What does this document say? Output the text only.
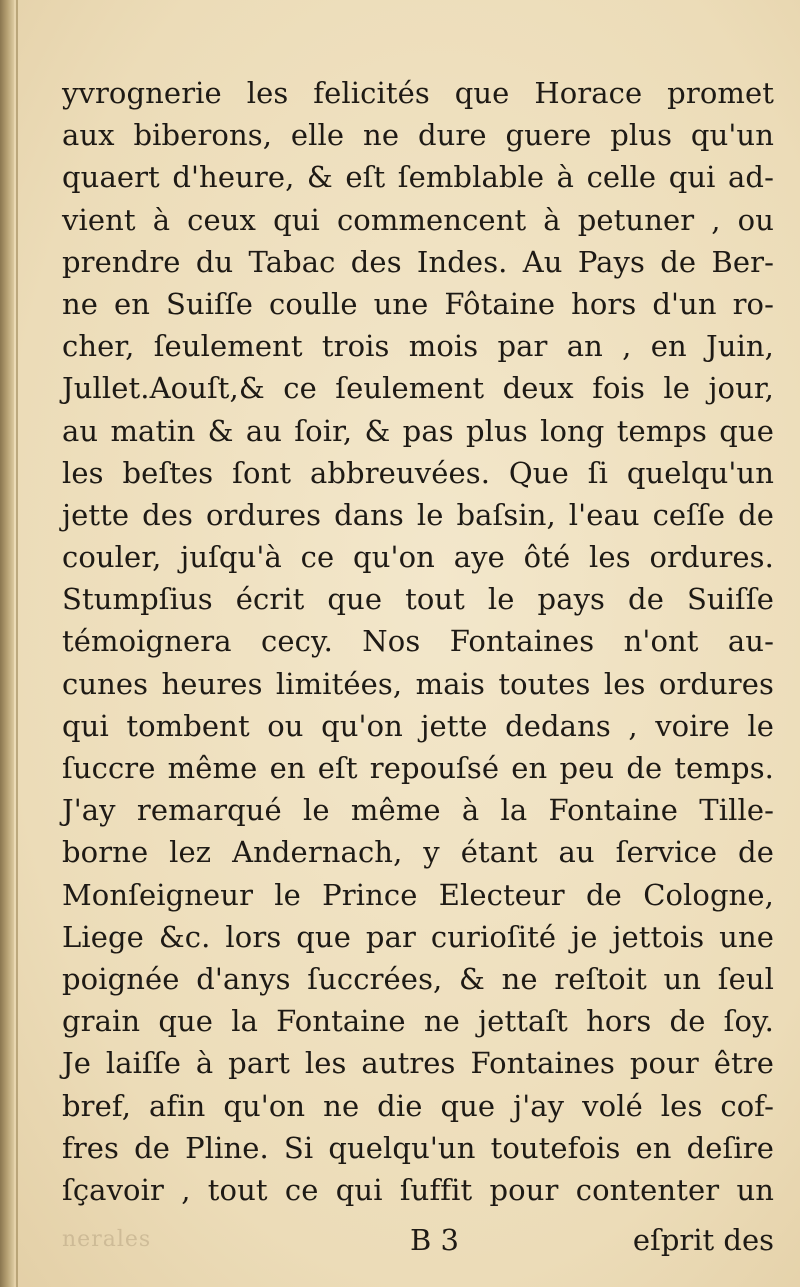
yvrognerie les felicités que Horace promet
aux biberons, elle ne dure guere plus qu'un
quaert d'heure, & eſt ſemblable à celle qui ad-
vient à ceux qui commencent à petuner , ou
prendre du Tabac des Indes. Au Pays de Ber-
ne en Suiſſe coulle une Fôtaine hors d'un ro-
cher, ſeulement trois mois par an , en Juin,
Jullet.Aouſt,& ce ſeulement deux fois le jour,
au matin & au ſoir, & pas plus long temps que
les beſtes ſont abbreuvées. Que ſi quelqu'un
jette des ordures dans le baſsin, l'eau ceſſe de
couler, juſqu'à ce qu'on aye ôté les ordures.
Stumpſius écrit que tout le pays de Suiſſe
témoignera cecy. Nos Fontaines n'ont au-
cunes heures limitées, mais toutes les ordures
qui tombent ou qu'on jette dedans , voire le
ſuccre même en eſt repouſsé en peu de temps.
J'ay remarqué le même à la Fontaine Tille-
borne lez Andernach, y étant au ſervice de
Monſeigneur le Prince Electeur de Cologne,
Liege &c. lors que par curioſité je jettois une
poignée d'anys ſuccrées, & ne reſtoit un ſeul
grain que la Fontaine ne jettaſt hors de ſoy.
Je laiſſe à part les autres Fontaines pour être
bref, afin qu'on ne die que j'ay volé les cof-
fres de Pline. Si quelqu'un toutefois en deſire
ſçavoir , tout ce qui ſuffit pour contenter un
nerales	B 3	eſprit des
